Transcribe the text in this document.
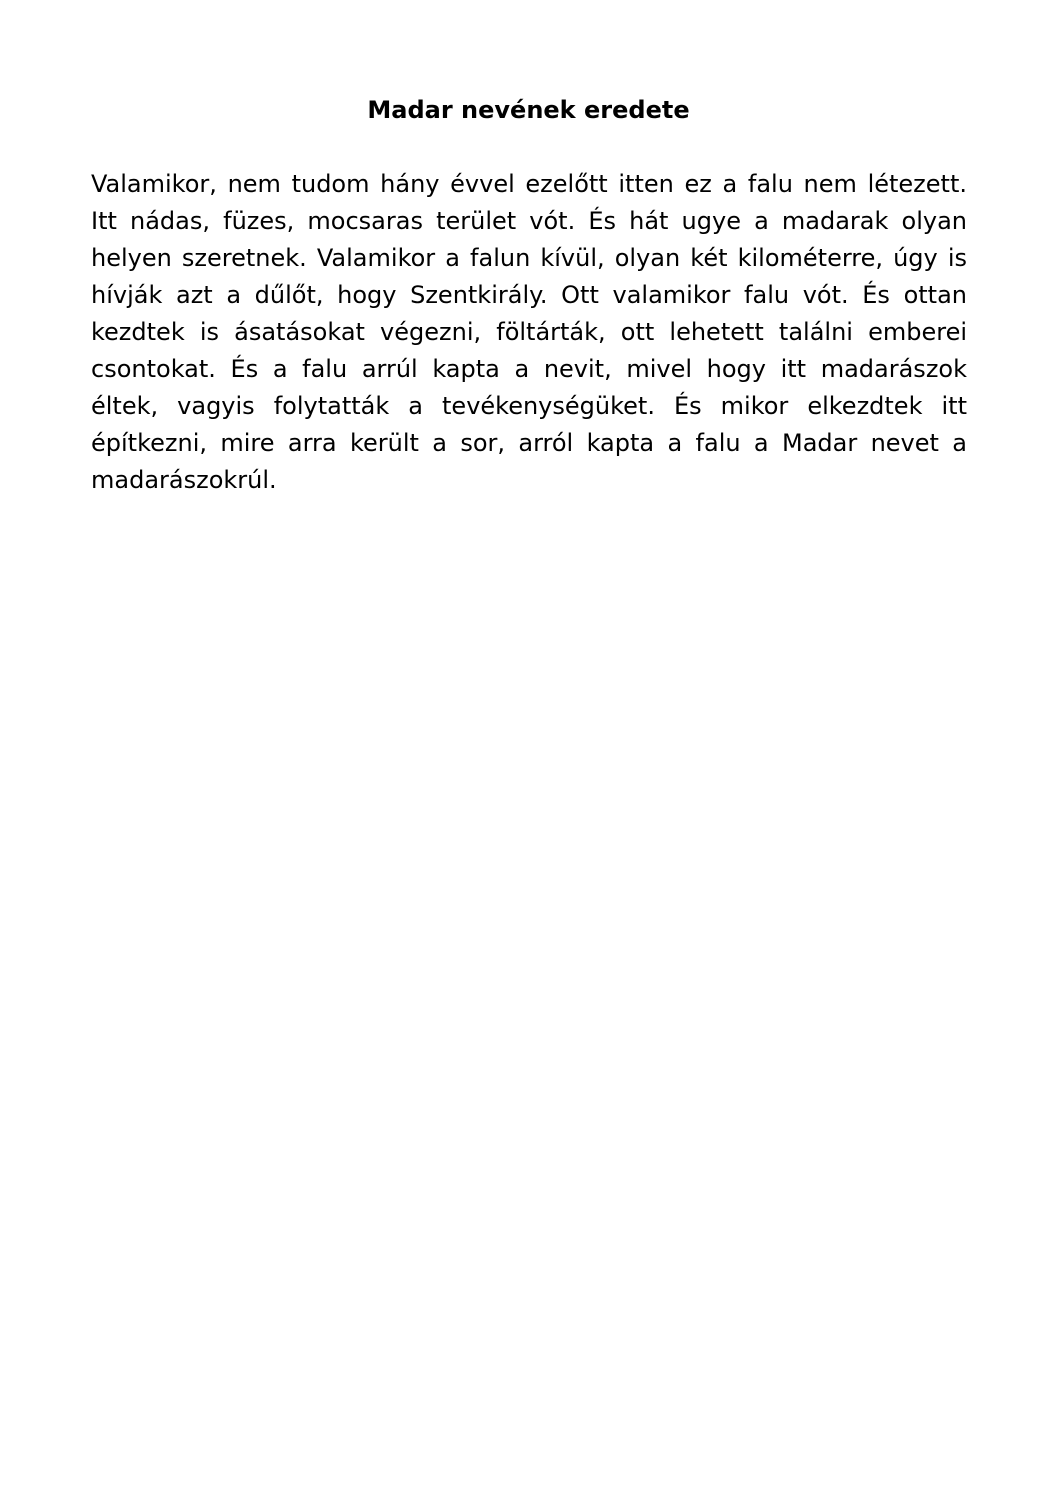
Madar nevének eredete
Valamikor, nem tudom hány évvel ezelőtt itten ez a falu nem létezett.
Itt nádas, füzes, mocsaras terület vót. És hát ugye a madarak olyan
helyen szeretnek. Valamikor a falun kívül, olyan két kilométerre, úgy is
hívják azt a dűlőt, hogy Szentkirály. Ott valamikor falu vót. És ottan
kezdtek is ásatásokat végezni, föltárták, ott lehetett találni emberei
csontokat. És a falu arrúl kapta a nevit, mivel hogy itt madarászok
éltek, vagyis folytatták a tevékenységüket. És mikor elkezdtek itt
építkezni, mire arra került a sor, arról kapta a falu a Madar nevet a
madarászokrúl.
